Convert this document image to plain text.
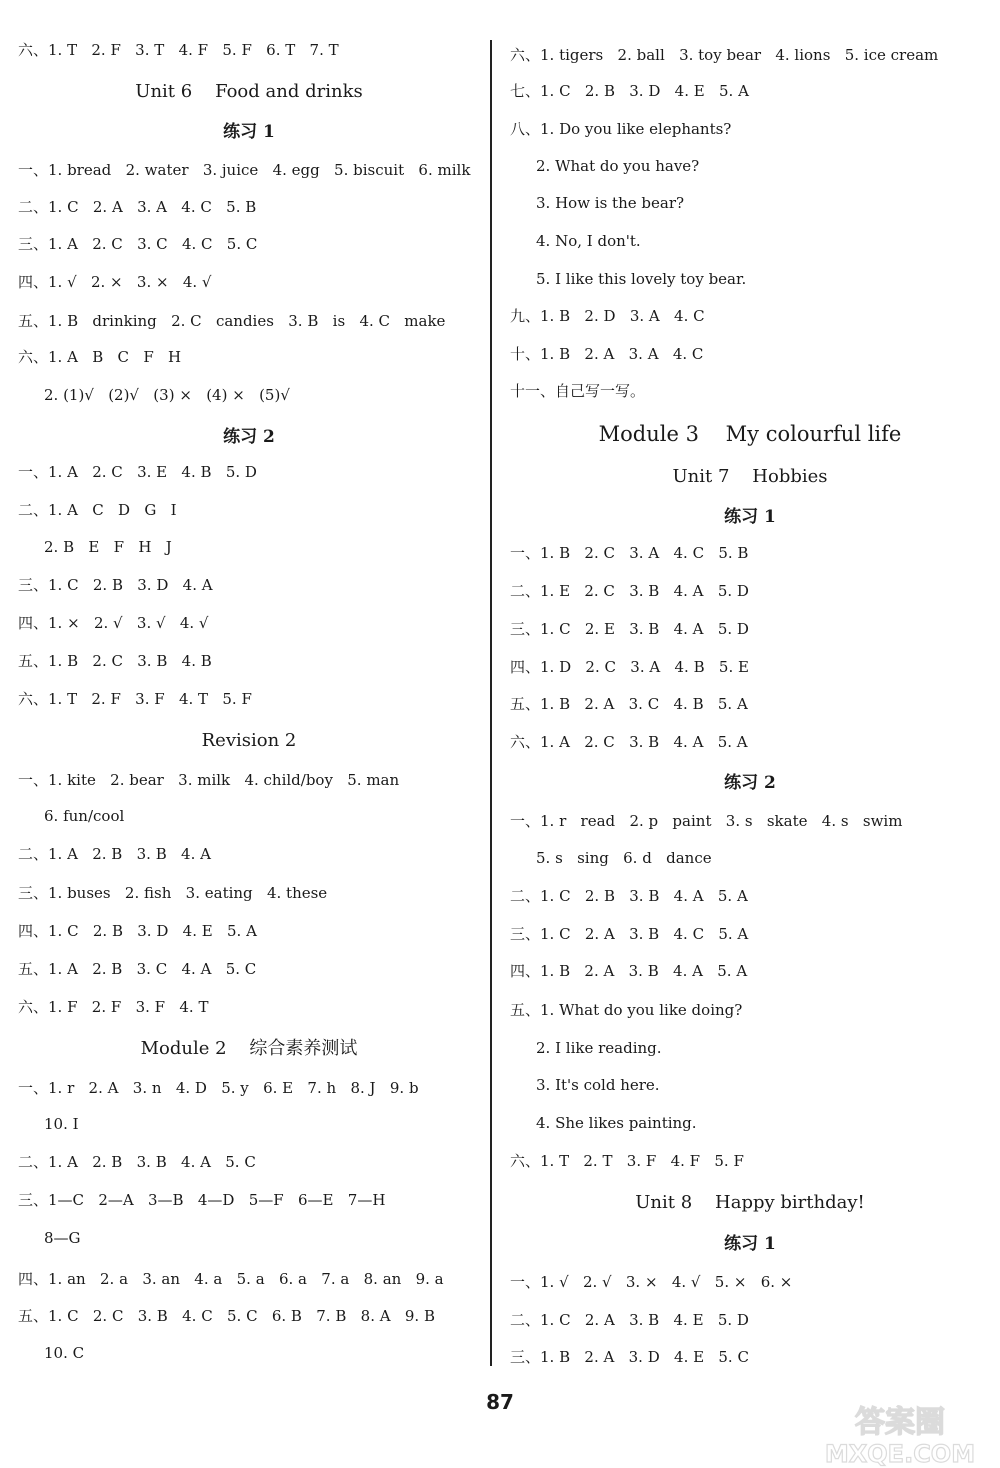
六、1. T   2. F   3. T   4. F   5. F   6. T   7. T
Unit 6    Food and drinks
练习 1
一、1. bread   2. water   3. juice   4. egg   5. biscuit   6. milk
二、1. C   2. A   3. A   4. C   5. B
三、1. A   2. C   3. C   4. C   5. C
四、1. √   2. ×   3. ×   4. √
五、1. B   drinking   2. C   candies   3. B   is   4. C   make
六、1. A   B   C   F   H
2. (1)√   (2)√   (3) ×   (4) ×   (5)√
练习 2
一、1. A   2. C   3. E   4. B   5. D
二、1. A   C   D   G   I
2. B   E   F   H   J
三、1. C   2. B   3. D   4. A
四、1. ×   2. √   3. √   4. √
五、1. B   2. C   3. B   4. B
六、1. T   2. F   3. F   4. T   5. F
Revision 2
一、1. kite   2. bear   3. milk   4. child/boy   5. man
6. fun/cool
二、1. A   2. B   3. B   4. A
三、1. buses   2. fish   3. eating   4. these
四、1. C   2. B   3. D   4. E   5. A
五、1. A   2. B   3. C   4. A   5. C
六、1. F   2. F   3. F   4. T
Module 2    综合素养测试
一、1. r   2. A   3. n   4. D   5. y   6. E   7. h   8. J   9. b
10. I
二、1. A   2. B   3. B   4. A   5. C
三、1—C   2—A   3—B   4—D   5—F   6—E   7—H
8—G
四、1. an   2. a   3. an   4. a   5. a   6. a   7. a   8. an   9. a
五、1. C   2. C   3. B   4. C   5. C   6. B   7. B   8. A   9. B
10. C
六、1. tigers   2. ball   3. toy bear   4. lions   5. ice cream
七、1. C   2. B   3. D   4. E   5. A
八、1. Do you like elephants?
2. What do you have?
3. How is the bear?
4. No, I don't.
5. I like this lovely toy bear.
九、1. B   2. D   3. A   4. C
十、1. B   2. A   3. A   4. C
十一、自己写一写。
Module 3    My colourful life
Unit 7    Hobbies
练习 1
一、1. B   2. C   3. A   4. C   5. B
二、1. E   2. C   3. B   4. A   5. D
三、1. C   2. E   3. B   4. A   5. D
四、1. D   2. C   3. A   4. B   5. E
五、1. B   2. A   3. C   4. B   5. A
六、1. A   2. C   3. B   4. A   5. A
练习 2
一、1. r   read   2. p   paint   3. s   skate   4. s   swim
5. s   sing   6. d   dance
二、1. C   2. B   3. B   4. A   5. A
三、1. C   2. A   3. B   4. C   5. A
四、1. B   2. A   3. B   4. A   5. A
五、1. What do you like doing?
2. I like reading.
3. It's cold here.
4. She likes painting.
六、1. T   2. T   3. F   4. F   5. F
Unit 8    Happy birthday!
练习 1
一、1. √   2. √   3. ×   4. √   5. ×   6. ×
二、1. C   2. A   3. B   4. E   5. D
三、1. B   2. A   3. D   4. E   5. C
87
答案圈
MXQE.COM
